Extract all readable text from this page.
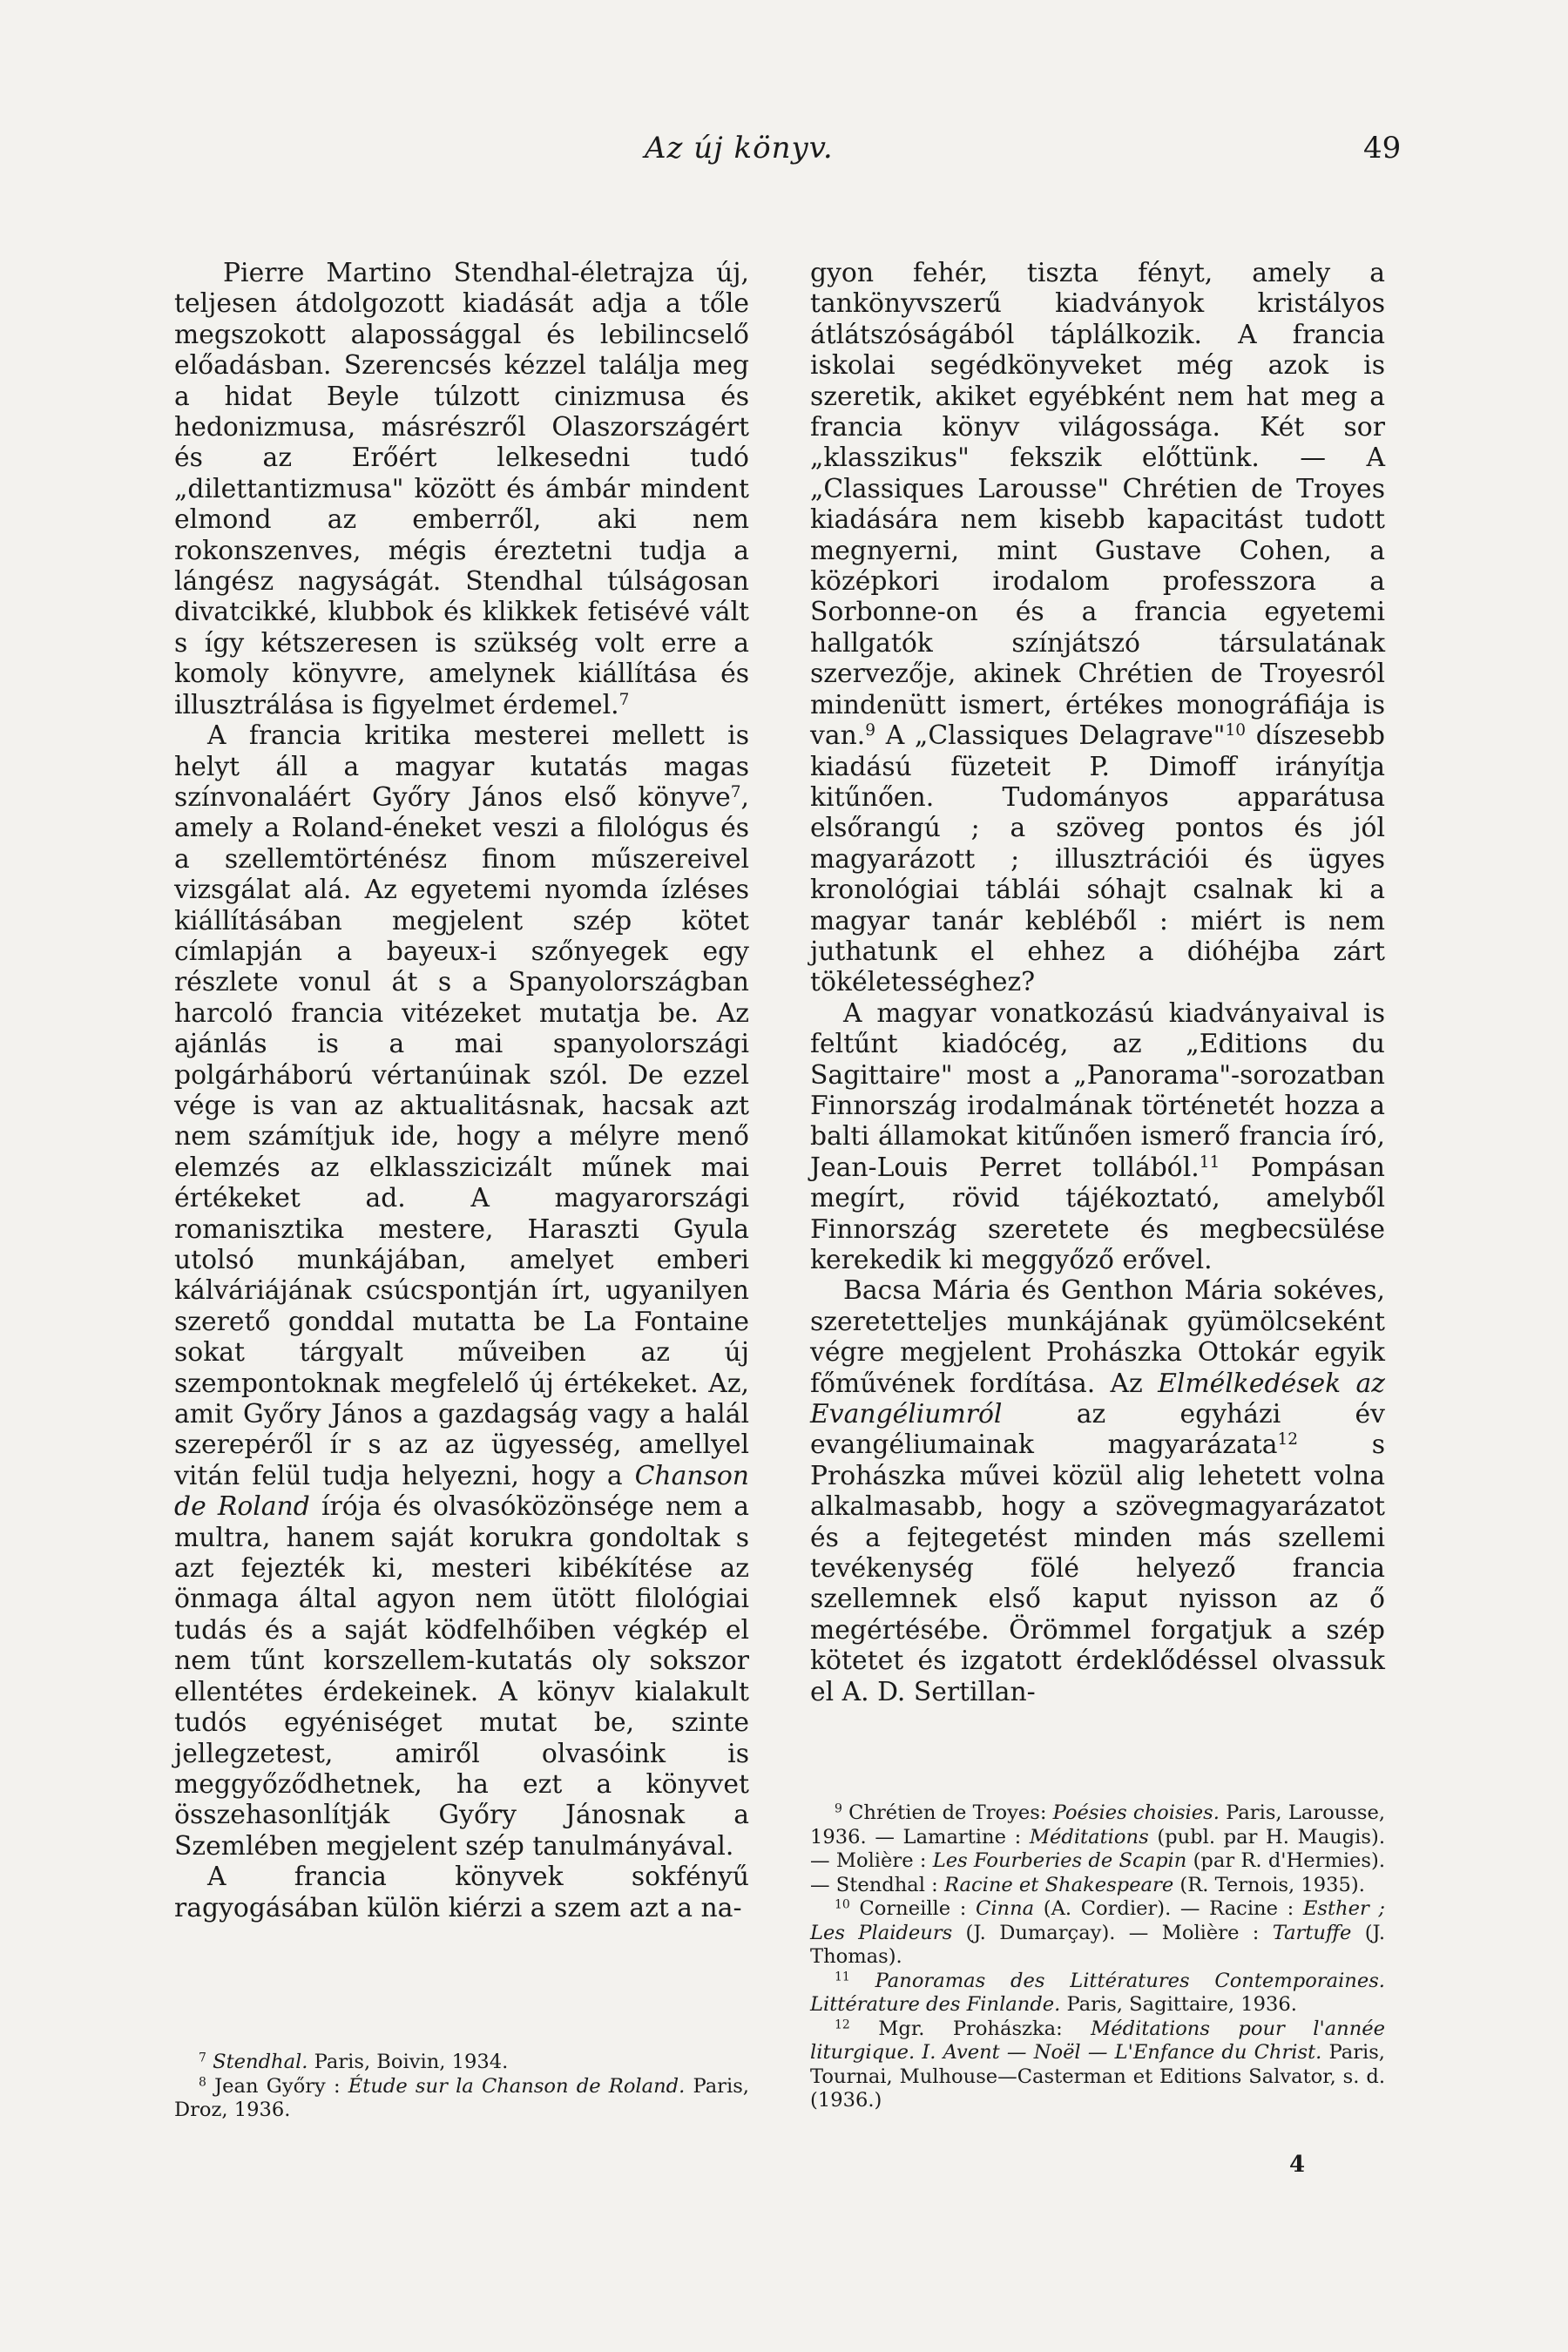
Az új könyv.	49

Pierre Martino Stendhal-életrajza új, teljesen átdolgozott kiadását adja a tőle megszokott alapossággal és lebilincselő előadásban. Szerencsés kézzel találja meg a hidat Beyle túlzott cinizmusa és hedonizmusa, másrészről Olaszországért és az Erőért lelkesedni tudó „dilettantizmusa" között és ámbár mindent elmond az emberről, aki nem rokonszenves, mégis éreztetni tudja a lángész nagyságát. Stendhal túlságosan divatcikké, klubbok és klikkek fetisévé vált s így kétszeresen is szükség volt erre a komoly könyvre, amelynek kiállítása és illusztrálása is figyelmet érdemel.$^7$

A francia kritika mesterei mellett is helyt áll a magyar kutatás magas színvonaláért Győry János első könyve$^7$, amely a Roland-éneket veszi a filológus és a szellemtörténész finom műszereivel vizsgálat alá. Az egyetemi nyomda ízléses kiállításában megjelent szép kötet címlapján a bayeux-i szőnyegek egy részlete vonul át s a Spanyolországban harcoló francia vitézeket mutatja be. Az ajánlás is a mai spanyolországi polgárháború vértanúinak szól. De ezzel vége is van az aktualitásnak, hacsak azt nem számítjuk ide, hogy a mélyre menő elemzés az elklasszicizált műnek mai értékeket ad. A magyarországi romanisztika mestere, Haraszti Gyula utolsó munkájában, amelyet emberi kálváriájának csúcspontján írt, ugyanilyen szerető gonddal mutatta be La Fontaine sokat tárgyalt műveiben az új szempontoknak megfelelő új értékeket. Az, amit Győry János a gazdagság vagy a halál szerepéről ír s az az ügyesség, amellyel vitán felül tudja helyezni, hogy a Chanson de Roland írója és olvasóközönsége nem a multra, hanem saját korukra gondoltak s azt fejezték ki, mesteri kibékítése az önmaga által agyon nem ütött filológiai tudás és a saját ködfelhőiben végkép el nem tűnt korszellem-kutatás oly sokszor ellentétes érdekeinek. A könyv kialakult tudós egyéniséget mutat be, szinte jellegzetest, amiről olvasóink is meggyőződhetnek, ha ezt a könyvet összehasonlítják Győry Jánosnak a Szemlében megjelent szép tanulmányával.

A francia könyvek sokfényű ragyogásában külön kiérzi a szem azt a na-

gyon fehér, tiszta fényt, amely a tankönyvszerű kiadványok kristályos átlátszóságából táplálkozik. A francia iskolai segédkönyveket még azok is szeretik, akiket egyébként nem hat meg a francia könyv világossága. Két sor „klasszikus" fekszik előttünk. — A „Classiques Larousse" Chrétien de Troyes kiadására nem kisebb kapacitást tudott megnyerni, mint Gustave Cohen, a középkori irodalom professzora a Sorbonne-on és a francia egyetemi hallgatók színjátszó társulatának szervezője, akinek Chrétien de Troyesról mindenütt ismert, értékes monográfiája is van.$^9$ A „Classiques Delagrave"$^{10}$ díszesebb kiadású füzeteit P. Dimoff irányítja kitűnően. Tudományos apparátusa elsőrangú ; a szöveg pontos és jól magyarázott ; illusztrációi és ügyes kronológiai táblái sóhajt csalnak ki a magyar tanár kebléből : miért is nem juthatunk el ehhez a dióhéjba zárt tökéletességhez?

A magyar vonatkozású kiadványaival is feltűnt kiadócég, az „Editions du Sagittaire" most a „Panorama"-sorozatban Finnország irodalmának történetét hozza a balti államokat kitűnően ismerő francia író, Jean-Louis Perret tollából.$^{11}$ Pompásan megírt, rövid tájékoztató, amelyből Finnország szeretete és megbecsülése kerekedik ki meggyőző erővel.

Bacsa Mária és Genthon Mária sokéves, szeretetteljes munkájának gyümölcseként végre megjelent Prohászka Ottokár egyik főművének fordítása. Az Elmélkedések az Evangéliumról az egyházi év evangéliumainak magyarázata$^{12}$ s Prohászka művei közül alig lehetett volna alkalmasabb, hogy a szövegmagyarázatot és a fejtegetést minden más szellemi tevékenység fölé helyező francia szellemnek első kaput nyisson az ő megértésébe. Örömmel forgatjuk a szép kötetet és izgatott érdeklődéssel olvassuk el A. D. Sertillan-

$^7$ Stendhal. Paris, Boivin, 1934.

$^8$ Jean Győry : Étude sur la Chanson de Roland. Paris, Droz, 1936.

$^9$ Chrétien de Troyes: Poésies choisies. Paris, Larousse, 1936. — Lamartine : Méditations (publ. par H. Maugis). — Molière : Les Fourberies de Scapin (par R. d'Hermies). — Stendhal : Racine et Shakespeare (R. Ternois, 1935).

$^{10}$ Corneille : Cinna (A. Cordier). — Racine : Esther ; Les Plaideurs (J. Dumarçay). — Molière : Tartuffe (J. Thomas).

$^{11}$ Panoramas des Littératures Contemporaines. Littérature des Finlande. Paris, Sagittaire, 1936.

$^{12}$ Mgr. Prohászka: Méditations pour l'année liturgique. I. Avent — Noël — L'Enfance du Christ. Paris, Tournai, Mulhouse—Casterman et Editions Salvator, s. d. (1936.)

4
